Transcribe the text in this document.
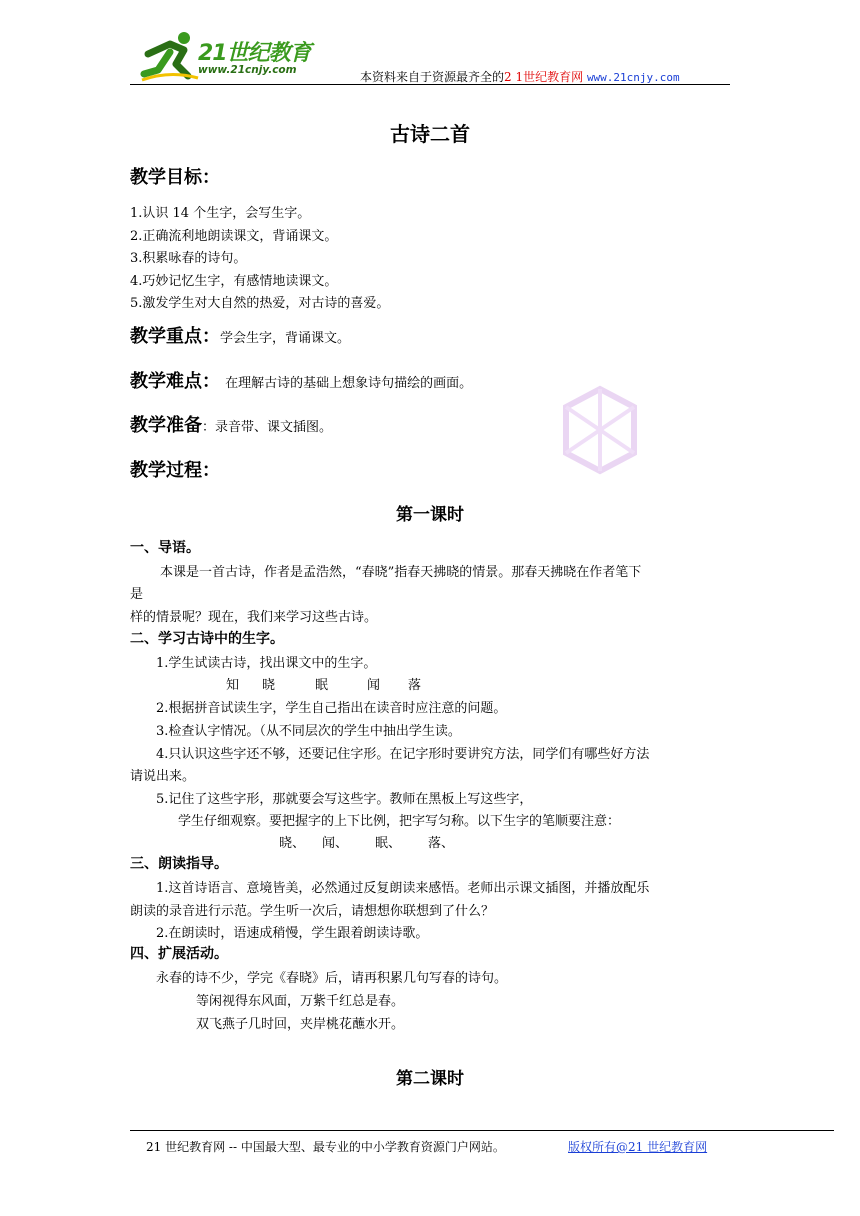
21世纪教育
www.21cnjy.com	本资料来自于资源最齐全的2 1世纪教育网 www.21cnjy.com
古诗二首
教学目标：
1.认识 14 个生字，会写生字。
2.正确流利地朗读课文，背诵课文。
3.积累咏春的诗句。
4.巧妙记忆生字，有感情地读课文。
5.激发学生对大自然的热爱，对古诗的喜爱。
教学重点：学会生字，背诵课文。
教学难点： 在理解古诗的基础上想象诗句描绘的画面。
教学准备：录音带、课文插图。
教学过程：
第一课时
一、导语。
本课是一首古诗，作者是孟浩然，“春晓”指春天拂晓的情景。那春天拂晓在作者笔下
是
样的情景呢？现在，我们来学习这些古诗。
二、学习古诗中的生字。
1.学生试读古诗，找出课文中的生字。
知 晓	眠	闻 落
2.根据拼音试读生字，学生自己指出在读音时应注意的问题。
3.检查认字情况。（从不同层次的学生中抽出学生读。
4.只认识这些字还不够，还要记住字形。在记字形时要讲究方法，同学们有哪些好方法
请说出来。
5.记住了这些字形，那就要会写这些字。教师在黑板上写这些字，
学生仔细观察。要把握字的上下比例，把字写匀称。以下生字的笔顺要注意：
晓、 闻、 眠、 落、
三、朗读指导。
1.这首诗语言、意境皆美，必然通过反复朗读来感悟。老师出示课文插图，并播放配乐
朗读的录音进行示范。学生听一次后，请想想你联想到了什么？
2.在朗读时，语速成稍慢，学生跟着朗读诗歌。
四、扩展活动。
永春的诗不少，学完《春晓》后，请再积累几句写春的诗句。
等闲视得东风面，万紫千红总是春。
双飞燕子几时回，夹岸桃花蘸水开。
第二课时
21 世纪教育网 -- 中国最大型、最专业的中小学教育资源门户网站。	版权所有@21 世纪教育网
